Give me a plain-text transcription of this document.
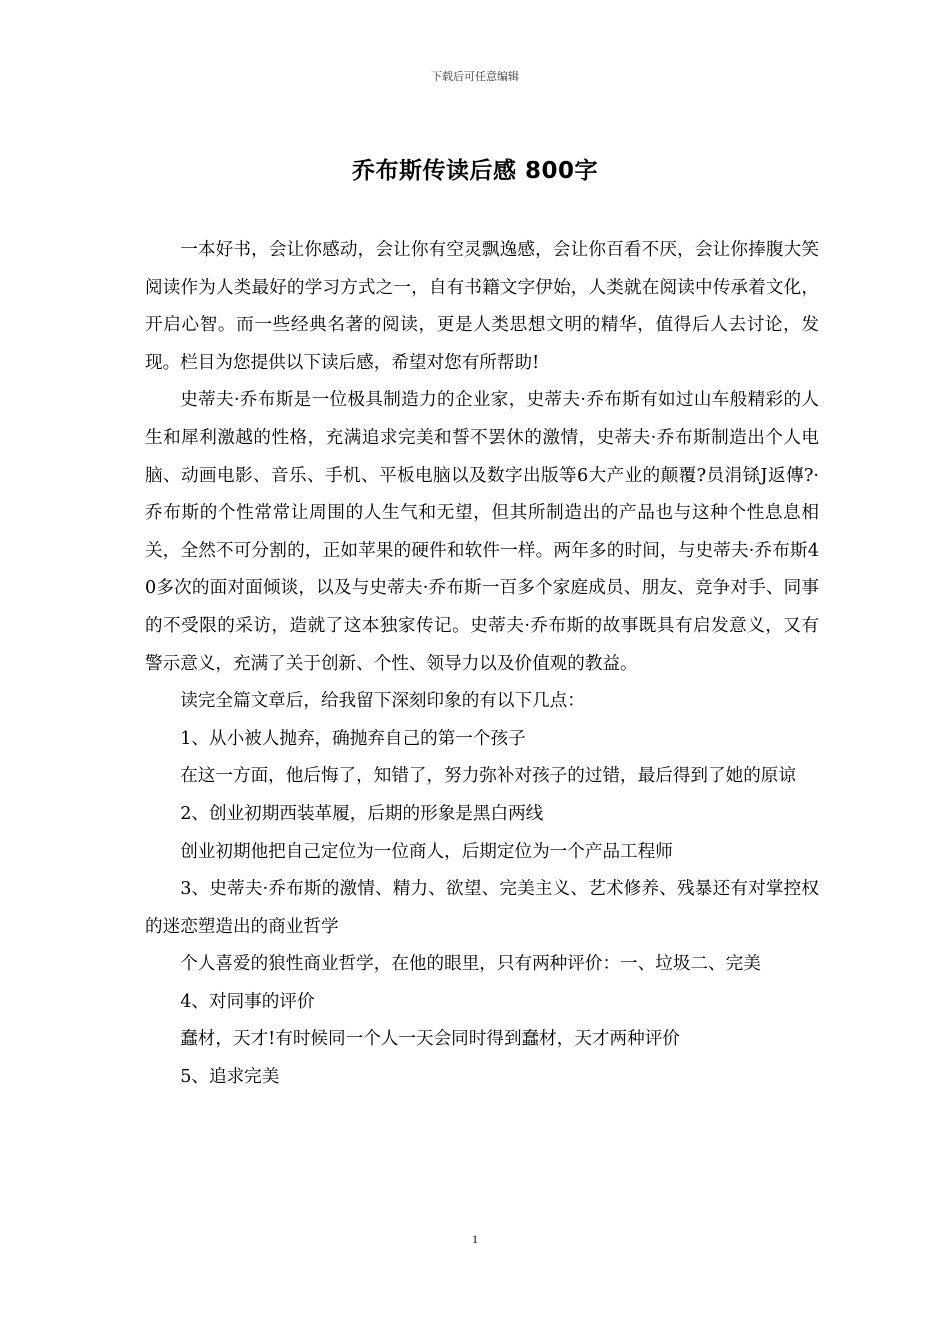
下载后可任意编辑
乔布斯传读后感 800字

一本好书，会让你感动，会让你有空灵飘逸感，会让你百看不厌，会让你捧腹大笑阅读作为人类最好的学习方式之一，自有书籍文字伊始，人类就在阅读中传承着文化，开启心智。而一些经典名著的阅读，更是人类思想文明的精华，值得后人去讨论，发现。栏目为您提供以下读后感，希望对您有所帮助!

史蒂夫·乔布斯是一位极具制造力的企业家，史蒂夫·乔布斯有如过山车般精彩的人生和犀利激越的性格，充满追求完美和誓不罢休的激情，史蒂夫·乔布斯制造出个人电脑、动画电影、音乐、手机、平板电脑以及数字出版等6大产业的颠覆?员涓铩J返傳?·乔布斯的个性常常让周围的人生气和无望，但其所制造出的产品也与这种个性息息相关，全然不可分割的，正如苹果的硬件和软件一样。两年多的时间，与史蒂夫·乔布斯40多次的面对面倾谈，以及与史蒂夫·乔布斯一百多个家庭成员、朋友、竞争对手、同事的不受限的采访，造就了这本独家传记。史蒂夫·乔布斯的故事既具有启发意义，又有警示意义，充满了关于创新、个性、领导力以及价值观的教益。

读完全篇文章后，给我留下深刻印象的有以下几点：

1、从小被人抛弃，确抛弃自己的第一个孩子

在这一方面，他后悔了，知错了，努力弥补对孩子的过错，最后得到了她的原谅

2、创业初期西装革履，后期的形象是黑白两线

创业初期他把自己定位为一位商人，后期定位为一个产品工程师

3、史蒂夫·乔布斯的激情、精力、欲望、完美主义、艺术修养、残暴还有对掌控权的迷恋塑造出的商业哲学

个人喜爱的狼性商业哲学，在他的眼里，只有两种评价：一、垃圾二、完美

4、对同事的评价

蠢材，天才!有时候同一个人一天会同时得到蠢材，天才两种评价

5、追求完美

1
